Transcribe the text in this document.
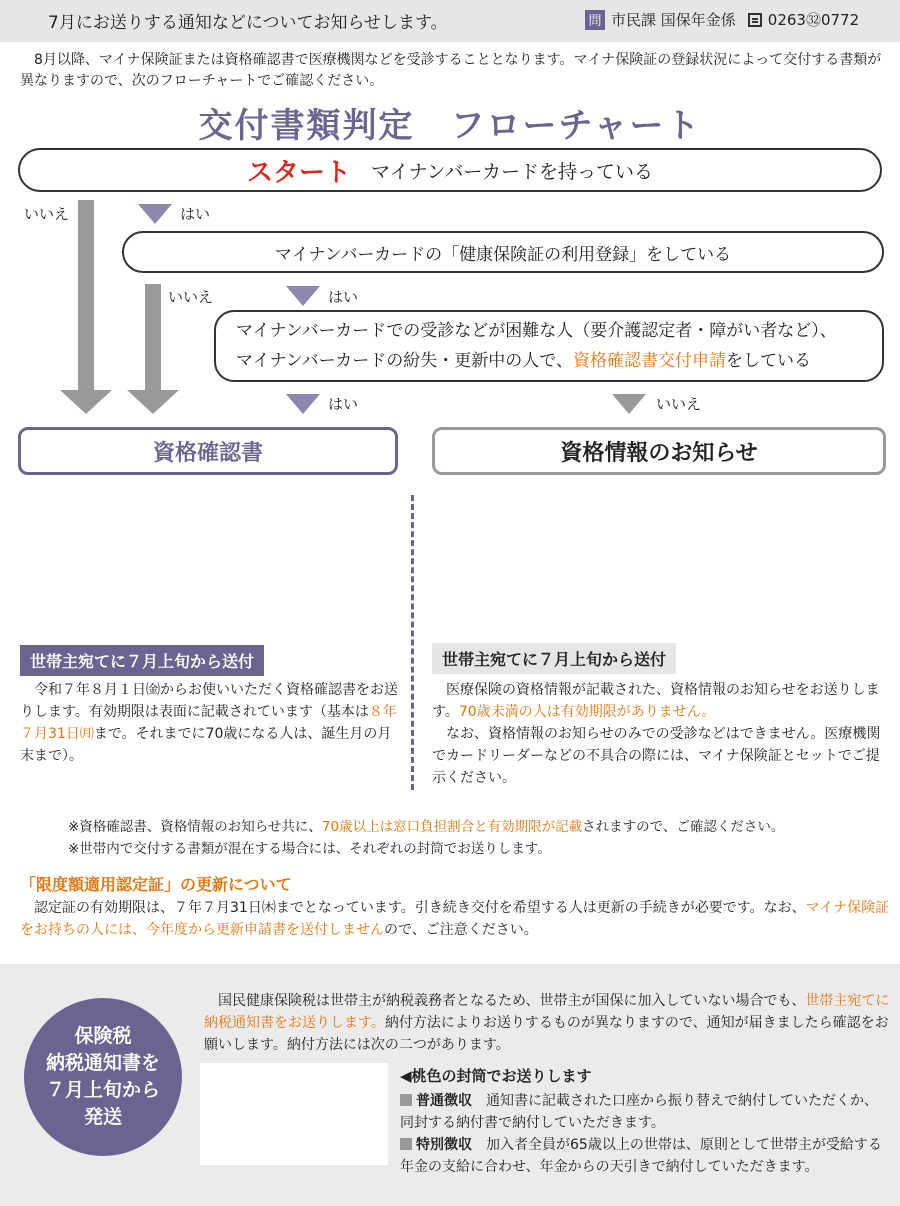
7月にお送りする通知などについてお知らせします。	問 市民課 国保年金係 0263㉜0772
8月以降、マイナ保険証または資格確認書で医療機関などを受診することとなります。マイナ保険証の登録状況によって交付する書類が異なりますので、次のフローチャートでご確認ください。
交付書類判定　フローチャート
スタート マイナンバーカードを持っている
いいえ	はい
マイナンバーカードの「健康保険証の利用登録」をしている
いいえ	はい
マイナンバーカードでの受診などが困難な人（要介護認定者・障がい者など）、
マイナンバーカードの紛失・更新中の人で、資格確認書交付申請をしている
はい	いいえ
資格確認書	資格情報のお知らせ
世帯主宛てに７月上旬から送付
令和７年８月１日㈮からお使いいただく資格確認書をお送りします。有効期限は表面に記載されています（基本は８年７月31日㈪まで。それまでに70歳になる人は、誕生月の月末まで）。
世帯主宛てに７月上旬から送付
医療保険の資格情報が記載された、資格情報のお知らせをお送りします。70歳未満の人は有効期限がありません。
なお、資格情報のお知らせのみでの受診などはできません。医療機関でカードリーダーなどの不具合の際には、マイナ保険証とセットでご提示ください。
※資格確認書、資格情報のお知らせ共に、70歳以上は窓口負担割合と有効期限が記載されますので、ご確認ください。
※世帯内で交付する書類が混在する場合には、それぞれの封筒でお送りします。
「限度額適用認定証」の更新について
認定証の有効期限は、７年７月31日㈭までとなっています。引き続き交付を希望する人は更新の手続きが必要です。なお、マイナ保険証をお持ちの人には、今年度から更新申請書を送付しませんので、ご注意ください。
保険税
納税通知書を
７月上旬から
発送
国民健康保険税は世帯主が納税義務者となるため、世帯主が国保に加入していない場合でも、世帯主宛てに納税通知書をお送りします。納付方法によりお送りするものが異なりますので、通知が届きましたら確認をお願いします。納付方法には次の二つがあります。
◀桃色の封筒でお送りします
普通徴収　通知書に記載された口座から振り替えで納付していただくか、同封する納付書で納付していただきます。
特別徴収　加入者全員が65歳以上の世帯は、原則として世帯主が受給する年金の支給に合わせ、年金からの天引きで納付していただきます。
